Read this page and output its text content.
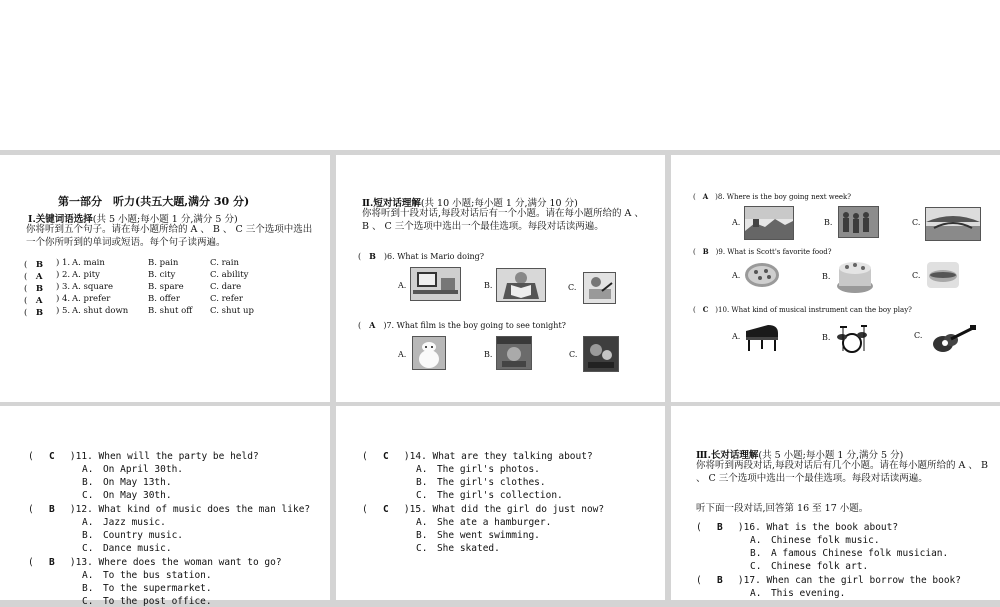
第一部分　听力(共五大题,满分 30 分)
Ⅰ.关键词语选择(共 5 小题;每小题 1 分,满分 5 分)
你将听到五个句子。请在每小题所给的 A 、 B 、 C 三个选项中选出一个你所听到的单词或短语。每个句子读两遍。
(　B ) 1. A. main	B. pain	C. rain
(　A ) 2. A. pity	B. city	C. ability
(　B ) 3. A. square	B. spare	C. dare
(　A ) 4. A. prefer	B. offer	C. refer
(　B ) 5. A. shut down B. shut off C. shut up
Ⅱ.短对话理解(共 10 小题;每小题 1 分,满分 10 分)
你将听到十段对话,每段对话后有一个小题。请在每小题所给的 A 、 B 、 C 三个选项中选出一个最佳选项。每段对话读两遍。
(　B　)6. What is Mario doing?
A.	B.	C.
(　A　)7. What film is the boy going to see tonight?
A.	B.	C.
(　A　)8. Where is the boy going next week?
A.	B.	C.
(　B　)9. What is Scott's favorite food?
A.	B.	C.
(　C　)10. What kind of musical instrument can the boy play?
A.	B.	C.
(　 C　 )11. When will the party be held?
A.　On April 30th.
B.　On May 13th.
C.　On May 30th.
(　 B　 )12. What kind of music does the man like?
A.　Jazz music.
B.　Country music.
C.　Dance music.
(　 B　 )13. Where does the woman want to go?
A.　To the bus station.
B.　To the supermarket.
C.　To the post office.
(　 C　 )14. What are they talking about?
A.　The girl's photos.
B.　The girl's clothes.
C.　The girl's collection.
(　 C　 )15. What did the girl do just now?
A.　She ate a hamburger.
B.　She went swimming.
C.　She skated.
Ⅲ.长对话理解(共 5 小题;每小题 1 分,满分 5 分)
你将听到两段对话,每段对话后有几个小题。请在每小题所给的 A 、 B 、 C 三个选项中选出一个最佳选项。每段对话读两遍。
听下面一段对话,回答第 16 至 17 小题。
(　 B　 )16. What is the book about?
A.　Chinese folk music.
B.　A famous Chinese folk musician.
C.　Chinese folk art.
(　 B　 )17. When can the girl borrow the book?
A.　This evening.
